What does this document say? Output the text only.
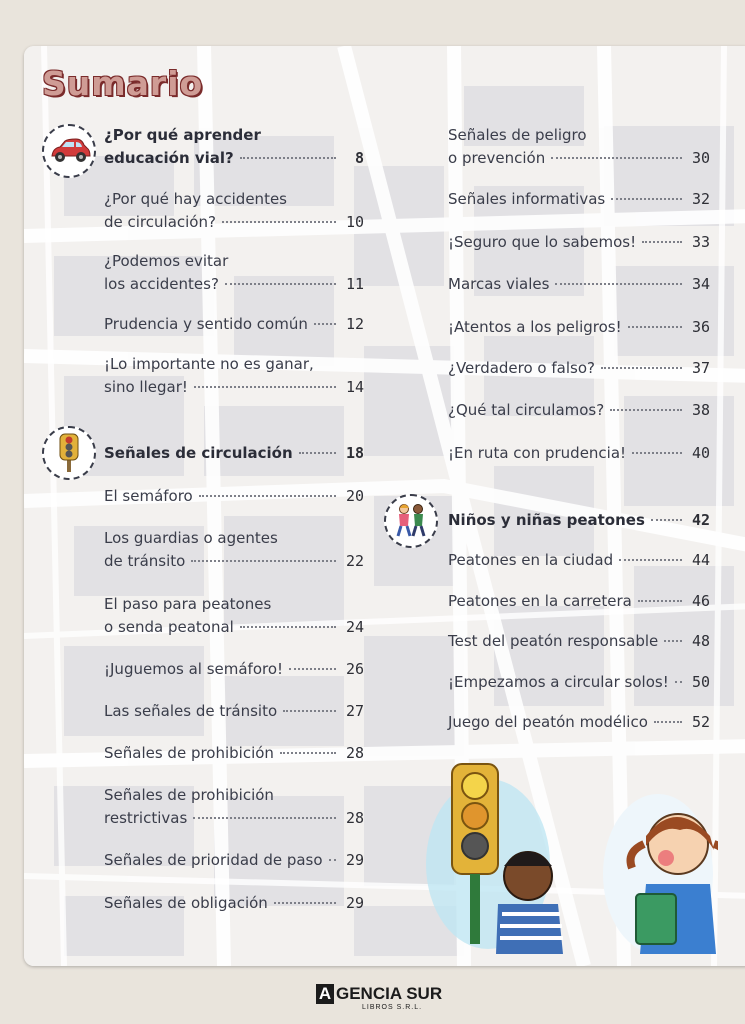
Sumario
¿Por qué aprender
educación vial?	8
¿Por qué hay accidentes
de circulación?	10
¿Podemos evitar
los accidentes?	11
Prudencia y sentido común	12
¡Lo importante no es ganar,
sino llegar!	14
Señales de circulación	18
El semáforo	20
Los guardias o agentes
de tránsito	22
El paso para peatones
o senda peatonal	24
¡Juguemos al semáforo!	26
Las señales de tránsito	27
Señales de prohibición	28
Señales de prohibición
restrictivas	28
Señales de prioridad de paso 29
Señales de obligación	29
Señales de peligro
o prevención	30
Señales informativas	32
¡Seguro que lo sabemos!	33
Marcas viales	34
¡Atentos a los peligros!	36
¿Verdadero o falso?	37
¿Qué tal circulamos?	38
¡En ruta con prudencia!	40
Niños y niñas peatones	42
Peatones en la ciudad	44
Peatones en la carretera	46
Test del peatón responsable 48
¡Empezamos a circular solos! 50
Juego del peatón modélico	52
A GENCIA SUR
LIBROS S.R.L.
